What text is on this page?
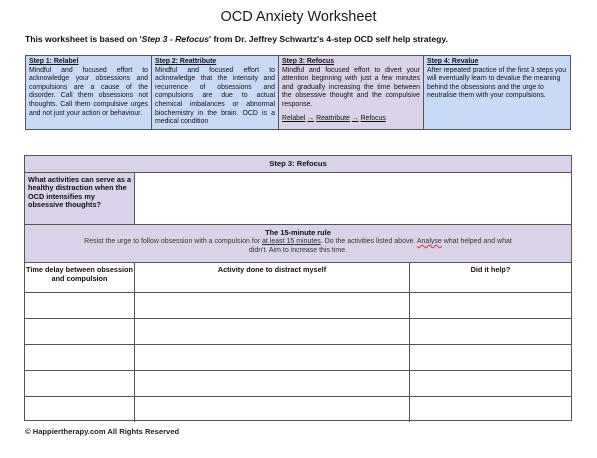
OCD Anxiety Worksheet
This worksheet is based on 'Step 3 - Refocus' from Dr. Jeffrey Schwartz's 4-step OCD self help strategy.
Step 1: Relabel
Mindful and focused effort to acknowledge your obsessions and compulsions are a cause of the disorder. Call them obsessions not thoughts. Call them compulsive urges and not just your action or behaviour.
Step 2: Reattribute
Mindful and focused effort to acknowledge that the intensity and recurrence of obsessions and compulsions are due to actual chemical imbalances or abnormal biochemistry in the brain. OCD is a medical condition
Step 3: Refocus
Mindful and focused effort to divert your attention beginning with just a few minutes and gradually increasing the time between the obsessive thought and the compulsive response.
Relabel → Reattribute → Refocus
Step 4: Revalue
After repeated practice of the first 3 steps you will eventually learn to devalue the meaning behind the obsessions and the urge to neutralise them with your compulsions.
Step 3: Refocus
What activities can serve as a healthy distraction when the OCD intensifies my obsessive thoughts?
The 15-minute rule
Resist the urge to follow obsession with a compulsion for at least 15 minutes. Do the activities listed above. Analyse what helped and what didn't. Aim to increase this time.
Time delay between obsession and compulsion
Activity done to distract myself	Did it help?
© Happiertherapy.com All Rights Reserved
